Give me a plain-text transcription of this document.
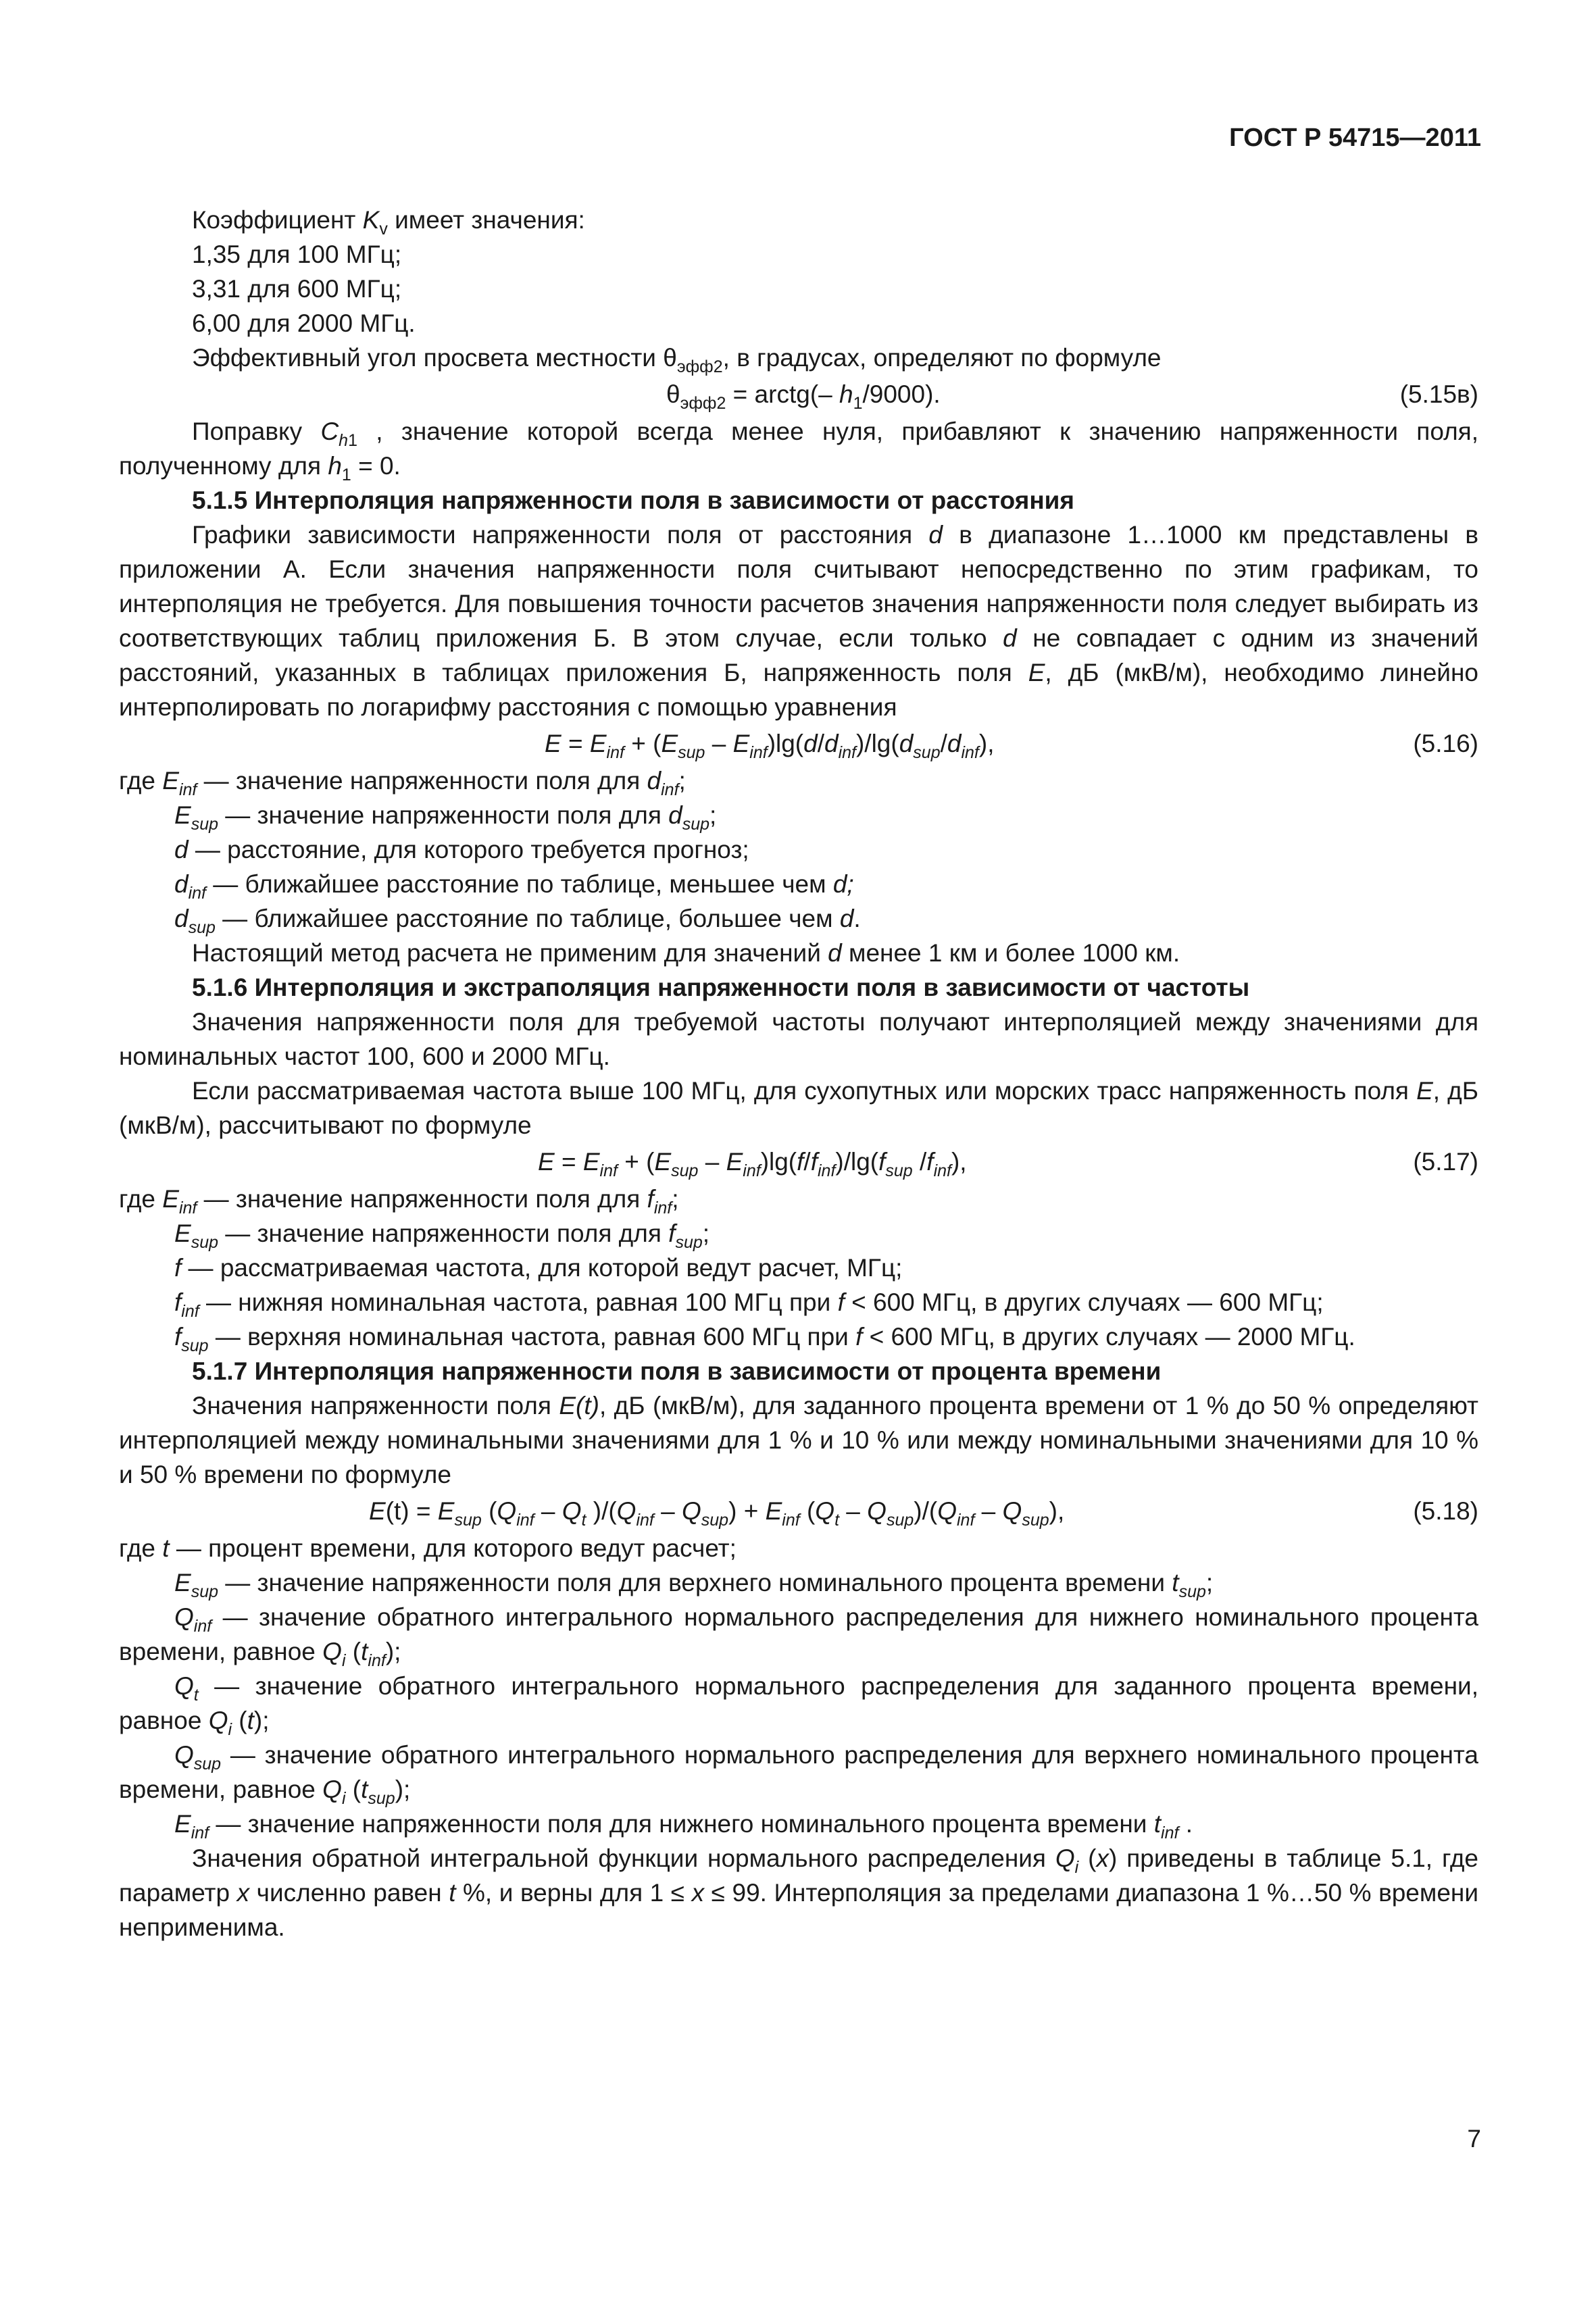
ГОСТ Р 54715—2011

Коэффициент $K_v$ имеет значения:

1,35 для 100 МГц;

3,31 для 600 МГц;

6,00 для 2000 МГц.

Эффективный угол просвета местности $\theta_{эфф2}$, в градусах, определяют по формуле

$\theta_{эфф2}$ = arctg(– $h_1/9000$).	(5.15в)

Поправку $C_{h1}$ , значение которой всегда менее нуля, прибавляют к значению напряженности поля, полученному для $h_1 = 0$.

5.1.5 Интерполяция напряженности поля в зависимости от расстояния

Графики зависимости напряженности поля от расстояния d в диапазоне 1…1000 км представлены в приложении А. Если значения напряженности поля считывают непосредственно по этим графикам, то интерполяция не требуется. Для повышения точности расчетов значения напряженности поля следует выбирать из соответствующих таблиц приложения Б. В этом случае, если только d не совпадает с одним из значений расстояний, указанных в таблицах приложения Б, напряженность поля E, дБ (мкВ/м), необходимо линейно интерполировать по логарифму расстояния с помощью уравнения

$E = E_{inf} + (E_{sup} - E_{inf})\lg(d/d_{inf})/\lg(d_{sup}/d_{inf})$,	(5.16)

где $E_{inf}$ — значение напряженности поля для $d_{inf}$;

$E_{sup}$ — значение напряженности поля для $d_{sup}$;

d — расстояние, для которого требуется прогноз;

$d_{inf}$ — ближайшее расстояние по таблице, меньшее чем d;

$d_{sup}$ — ближайшее расстояние по таблице, большее чем d.

Настоящий метод расчета не применим для значений d менее 1 км и более 1000 км.

5.1.6 Интерполяция и экстраполяция напряженности поля в зависимости от частоты

Значения напряженности поля для требуемой частоты получают интерполяцией между значениями для номинальных частот 100, 600 и 2000 МГц.

Если рассматриваемая частота выше 100 МГц, для сухопутных или морских трасс напряженность поля E, дБ (мкВ/м), рассчитывают по формуле

$E = E_{inf} + (E_{sup} - E_{inf})\lg(f/f_{inf})/\lg(f_{sup}$ $/f_{inf}$),	(5.17)

где $E_{inf}$ — значение напряженности поля для $f_{inf}$;

$E_{sup}$ — значение напряженности поля для $f_{sup}$;

f — рассматриваемая частота, для которой ведут расчет, МГц;

$f_{inf}$ — нижняя номинальная частота, равная 100 МГц при f < 600 МГц, в других случаях — 600 МГц;

$f_{sup}$ — верхняя номинальная частота, равная 600 МГц при f < 600 МГц, в других случаях — 2000 МГц.

5.1.7 Интерполяция напряженности поля в зависимости от процента времени

Значения напряженности поля E(t), дБ (мкВ/м), для заданного процента времени от 1 % до 50 % определяют интерполяцией между номинальными значениями для 1 % и 10 % или между номинальными значениями для 10 % и 50 % времени по формуле

$E(t) = E_{sup}$ ($Q_{inf} - Q_t$ )$/(Q_{inf} - Q_{sup}) + E_{inf}$ $(Q_t - Q_{sup})/(Q_{inf} - Q_{sup})$,	(5.18)

где t — процент времени, для которого ведут расчет;

$E_{sup}$ — значение напряженности поля для верхнего номинального процента времени $t_{sup}$;

$Q_{inf}$ — значение обратного интегрального нормального распределения для нижнего номинального процента времени, равное $Q_i$ $(t_{inf})$;

$Q_t$ — значение обратного интегрального нормального распределения для заданного процента времени, равное $Q_i$ (t);

$Q_{sup}$ — значение обратного интегрального нормального распределения для верхнего номинального процента времени, равное $Q_i$ $(t_{sup})$;

$E_{inf}$ — значение напряженности поля для нижнего номинального процента времени $t_{inf}$ .

Значения обратной интегральной функции нормального распределения $Q_i$ (x) приведены в таблице 5.1, где параметр x численно равен t %, и верны для 1 ≤ x ≤ 99. Интерполяция за пределами диапазона 1 %…50 % времени неприменима.

7
